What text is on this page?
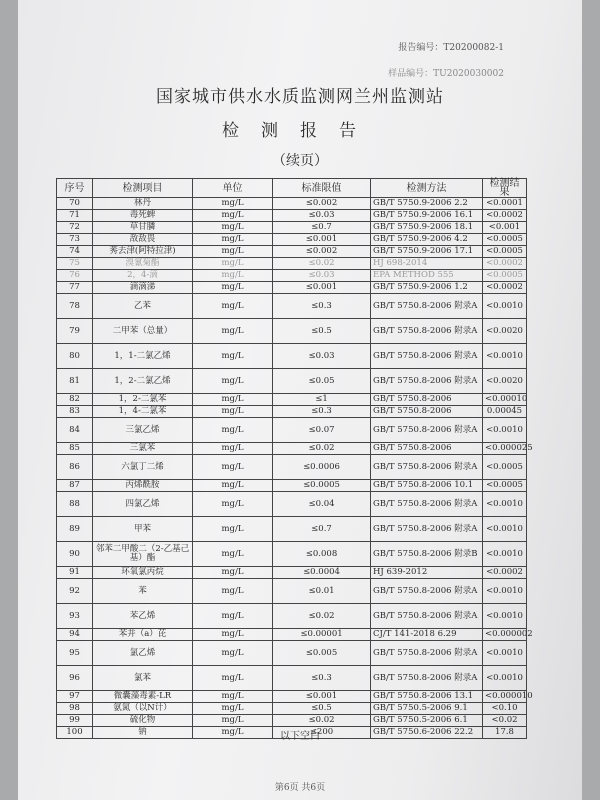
报告编号：T20200082-1
样品编号：TU2020030002
国家城市供水水质监测网兰州监测站
检测报告
（续页）
序号	检测项目	单位	标准限值	检测方法	检测结果
70	林丹	mg/L	≤0.002	GB/T 5750.9-2006 2.2	<0.0001
71	毒死蜱	mg/L	≤0.03	GB/T 5750.9-2006 16.1	<0.0002
72	草甘膦	mg/L	≤0.7	GB/T 5750.9-2006 18.1	<0.001
73	敌敌畏	mg/L	≤0.001	GB/T 5750.9-2006 4.2	<0.0005
74	莠去津(阿特拉津)	mg/L	≤0.002	GB/T 5750.9-2006 17.1	<0.0005
75	溴氰菊酯	mg/L	≤0.02	HJ 698-2014	<0.0002
76	2，4-滴	mg/L	≤0.03	EPA METHOD 555	<0.0005
77	滴滴涕	mg/L	≤0.001	GB/T 5750.9-2006 1.2	<0.0002
78	乙苯	mg/L	≤0.3	GB/T 5750.8-2006 附录A	<0.0010
79	二甲苯（总量）	mg/L	≤0.5	GB/T 5750.8-2006 附录A	<0.0020
80	1，1-二氯乙烯	mg/L	≤0.03	GB/T 5750.8-2006 附录A	<0.0010
81	1，2-二氯乙烯	mg/L	≤0.05	GB/T 5750.8-2006 附录A	<0.0020
82	1，2-二氯苯	mg/L	≤1	GB/T 5750.8-2006	<0.00010
83	1，4-二氯苯	mg/L	≤0.3	GB/T 5750.8-2006	0.00045
84	三氯乙烯	mg/L	≤0.07	GB/T 5750.8-2006 附录A	<0.0010
85	三氯苯	mg/L	≤0.02	GB/T 5750.8-2006	<0.000025
86	六氯丁二烯	mg/L	≤0.0006	GB/T 5750.8-2006 附录A	<0.0005
87	丙烯酰胺	mg/L	≤0.0005	GB/T 5750.8-2006 10.1	<0.0005
88	四氯乙烯	mg/L	≤0.04	GB/T 5750.8-2006 附录A	<0.0010
89	甲苯	mg/L	≤0.7	GB/T 5750.8-2006 附录A	<0.0010
90	邻苯二甲酸二（2-乙基己基）酯	mg/L	≤0.008	GB/T 5750.8-2006 附录B	<0.0010
91	环氧氯丙烷	mg/L	≤0.0004	HJ 639-2012	<0.0002
92	苯	mg/L	≤0.01	GB/T 5750.8-2006 附录A	<0.0010
93	苯乙烯	mg/L	≤0.02	GB/T 5750.8-2006 附录A	<0.0010
94	苯并（a）芘	mg/L	≤0.00001	CJ/T 141-2018 6.29	<0.000002
95	氯乙烯	mg/L	≤0.005	GB/T 5750.8-2006 附录A	<0.0010
96	氯苯	mg/L	≤0.3	GB/T 5750.8-2006 附录A	<0.0010
97	微囊藻毒素-LR	mg/L	≤0.001	GB/T 5750.8-2006 13.1	<0.000010
98	氨氮（以N计）	mg/L	≤0.5	GB/T 5750.5-2006 9.1	<0.10
99	硫化物	mg/L	≤0.02	GB/T 5750.5-2006 6.1	<0.02
100	钠	mg/L	≤200	GB/T 5750.6-2006 22.2	17.8
以下空白
第6页 共6页
